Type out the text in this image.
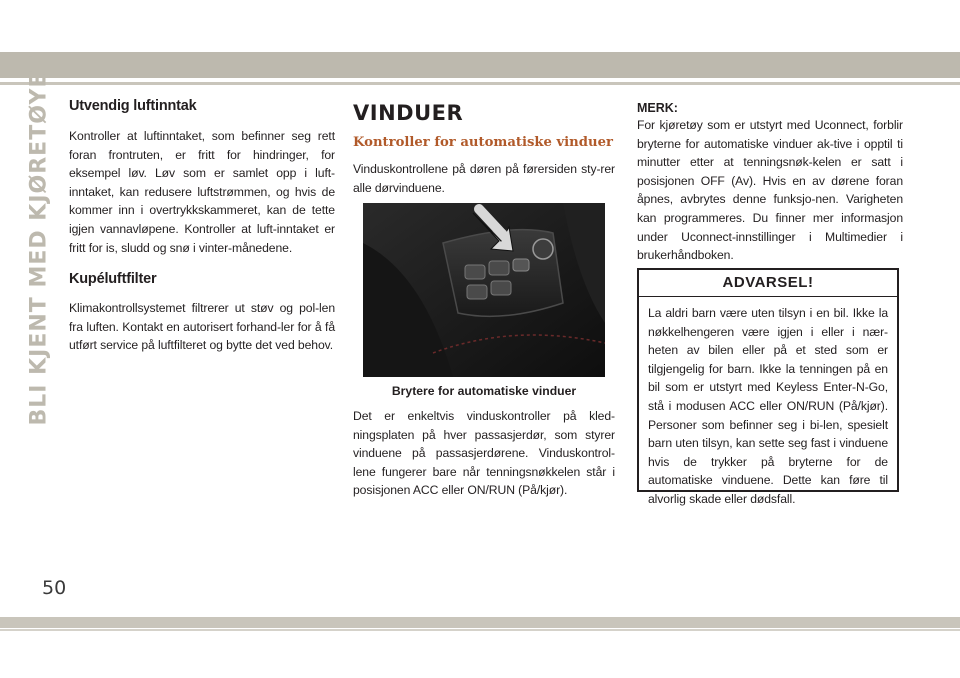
BLI KJENT MED KJØRETØYET Utvendig luftinntak

Kontroller at luftinntaket, som befinner seg rett foran frontruten, er fritt for hindringer, for eksempel løv. Løv som er samlet opp i luft-inntaket, kan redusere luftstrømmen, og hvis de kommer inn i overtrykkskammeret, kan de tette igjen vannavløpene. Kontroller at luft-inntaket er fritt for is, sludd og snø i vinter-månedene.

Kupéluftfilter

Klimakontrollsystemet filtrerer ut støv og pol-len fra luften. Kontakt en autorisert forhand-ler for å få utført service på luftfilteret og bytte det ved behov.

VINDUER
Kontroller for automatiske vinduer

Vinduskontrollene på døren på førersiden sty-rer alle dørvinduene.

Brytere for automatiske vinduer

Det er enkeltvis vinduskontroller på kled-ningsplaten på hver passasjerdør, som styrer vinduene på passasjerdørene. Vinduskontrol-lene fungerer bare når tenningsnøkkelen står i posisjonen ACC eller ON/RUN (På/kjør).

MERK:

For kjøretøy som er utstyrt med Uconnect, forblir bryterne for automatiske vinduer ak-tive i opptil ti minutter etter at tenningsnøk-kelen er satt i posisjonen OFF (Av). Hvis en av dørene foran åpnes, avbrytes denne funksjo-nen. Varigheten kan programmeres. Du finner mer informasjon under Uconnect-innstillinger i Multimedier i brukerhåndboken.

ADVARSEL!

La aldri barn være uten tilsyn i en bil. Ikke la nøkkelhengeren være igjen i eller i nær-heten av bilen eller på et sted som er tilgjengelig for barn. Ikke la tenningen på en bil som er utstyrt med Keyless Enter-N-Go, stå i modusen ACC eller ON/RUN (På/kjør). Personer som befinner seg i bi-len, spesielt barn uten tilsyn, kan sette seg fast i vinduene hvis de trykker på bryterne for de automatiske vinduene. Dette kan føre til alvorlig skade eller dødsfall.

50
